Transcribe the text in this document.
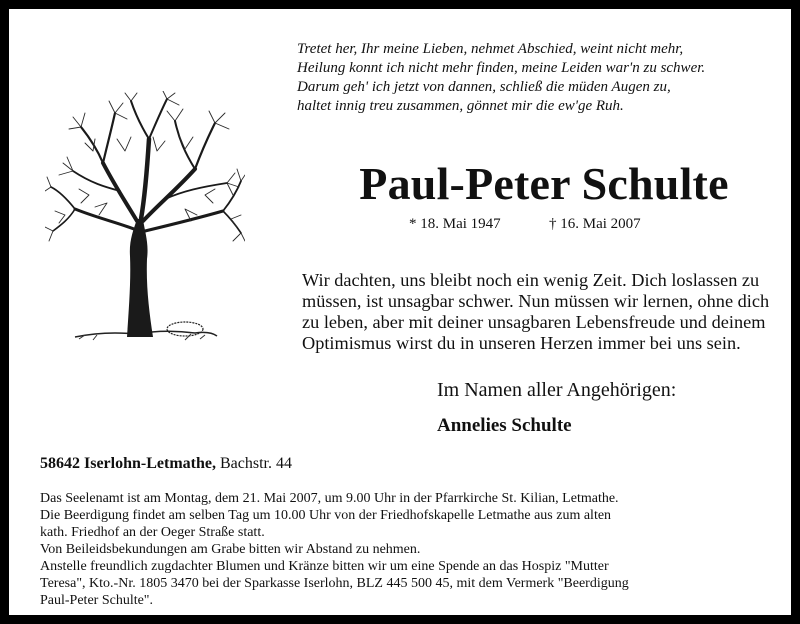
Tretet her, Ihr meine Lieben, nehmet Abschied, weint nicht mehr,
Heilung konnt ich nicht mehr finden, meine Leiden war'n zu schwer.
Darum geh' ich jetzt von dannen, schließ die müden Augen zu,
haltet innig treu zusammen, gönnet mir die ew'ge Ruh.
Paul-Peter Schulte
* 18. Mai 1947	† 16. Mai 2007
Wir dachten, uns bleibt noch ein wenig Zeit. Dich loslassen zu
müssen, ist unsagbar schwer. Nun müssen wir lernen, ohne dich
zu leben, aber mit deiner unsagbaren Lebensfreude und deinem
Optimismus wirst du in unseren Herzen immer bei uns sein.
Im Namen aller Angehörigen:
Annelies Schulte
58642 Iserlohn-Letmathe, Bachstr. 44
Das Seelenamt ist am Montag, dem 21. Mai 2007, um 9.00 Uhr in der Pfarrkirche St. Kilian, Letmathe.
Die Beerdigung findet am selben Tag um 10.00 Uhr von der Friedhofskapelle Letmathe aus zum alten
kath. Friedhof an der Oeger Straße statt.
Von Beileidsbekundungen am Grabe bitten wir Abstand zu nehmen.
Anstelle freundlich zugdachter Blumen und Kränze bitten wir um eine Spende an das Hospiz "Mutter
Teresa", Kto.-Nr. 1805 3470 bei der Sparkasse Iserlohn, BLZ 445 500 45, mit dem Vermerk "Beerdigung
Paul-Peter Schulte".
